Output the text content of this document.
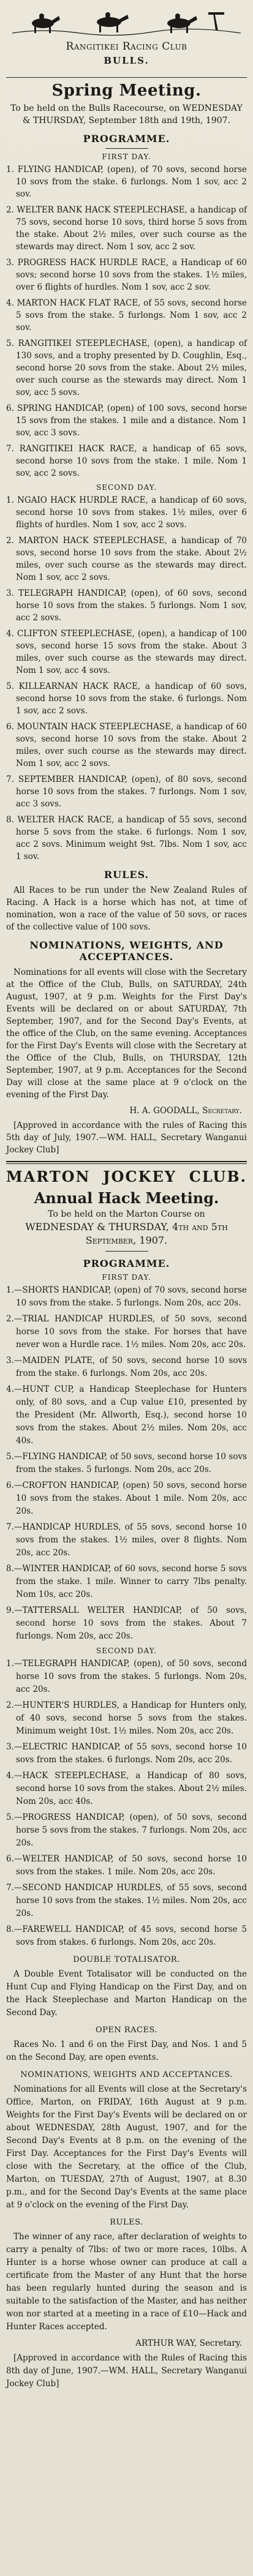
Rangitikei Racing Club
BULLS.
Spring Meeting.
To be held on the Bulls Racecourse, on WEDNESDAY & THURSDAY, September 18th and 19th, 1907.
PROGRAMME.
FIRST DAY.

1. FLYING HANDICAP, (open), of 70 sovs, second horse 10 sovs from the stake. 6 furlongs. Nom 1 sov, acc 2 sov.

2. WELTER BANK HACK STEEPLECHASE, a handicap of 75 sovs, second horse 10 sovs, third horse 5 sovs from the stake. About 2½ miles, over such course as the stewards may direct. Nom 1 sov, acc 2 sov.

3. PROGRESS HACK HURDLE RACE, a Handicap of 60 sovs; second horse 10 sovs from the stakes. 1½ miles, over 6 flights of hurdles. Nom 1 sov, acc 2 sov.

4. MARTON HACK FLAT RACE, of 55 sovs, second horse 5 sovs from the stake. 5 furlongs. Nom 1 sov, acc 2 sov.

5. RANGITIKEI STEEPLECHASE, (open), a handicap of 130 sovs, and a trophy presented by D. Coughlin, Esq., second horse 20 sovs from the stake. About 2½ miles, over such course as the stewards may direct. Nom 1 sov, acc 5 sovs.

6. SPRING HANDICAP, (open) of 100 sovs, second horse 15 sovs from the stakes. 1 mile and a distance. Nom 1 sov, acc 3 sovs.

7. RANGITIKEI HACK RACE, a handicap of 65 sovs, second horse 10 sovs from the stake. 1 mile. Nom 1 sov, acc 2 sovs.

SECOND DAY.

1. NGAIO HACK HURDLE RACE, a handicap of 60 sovs, second horse 10 sovs from stakes. 1½ miles, over 6 flights of hurdles. Nom 1 sov, acc 2 sovs.

2. MARTON HACK STEEPLECHASE, a handicap of 70 sovs, second horse 10 sovs from the stake. About 2½ miles, over such course as the stewards may direct. Nom 1 sov, acc 2 sovs.

3. TELEGRAPH HANDICAP, (open), of 60 sovs, second horse 10 sovs from the stakes. 5 furlongs. Nom 1 sov, acc 2 sovs.

4. CLIFTON STEEPLECHASE, (open), a handicap of 100 sovs, second horse 15 sovs from the stake. About 3 miles, over such course as the stewards may direct. Nom 1 sov, acc 4 sovs.

5. KILLEARNAN HACK RACE, a handicap of 60 sovs, second horse 10 sovs from the stake. 6 furlongs. Nom 1 sov, acc 2 sovs.

6. MOUNTAIN HACK STEEPLECHASE, a handicap of 60 sovs, second horse 10 sovs from the stake. About 2 miles, over such course as the stewards may direct. Nom 1 sov, acc 2 sovs.

7. SEPTEMBER HANDICAP, (open), of 80 sovs, second horse 10 sovs from the stakes. 7 furlongs. Nom 1 sov, acc 3 sovs.

8. WELTER HACK RACE, a handicap of 55 sovs, second horse 5 sovs from the stake. 6 furlongs. Nom 1 sov, acc 2 sovs. Minimum weight 9st. 7lbs. Nom 1 sov, acc 1 sov.

RULES.

All Races to be run under the New Zealand Rules of Racing. A Hack is a horse which has not, at time of nomination, won a race of the value of 50 sovs, or races of the collective value of 100 sovs.

NOMINATIONS, WEIGHTS, AND ACCEPTANCES.

Nominations for all events will close with the Secretary at the Office of the Club, Bulls, on SATURDAY, 24th August, 1907, at 9 p.m. Weights for the First Day's Events will be declared on or about SATURDAY, 7th September, 1907, and for the Second Day's Events, at the office of the Club, on the same evening. Acceptances for the First Day's Events will close with the Secretary at the Office of the Club, Bulls, on THURSDAY, 12th September, 1907, at 9 p.m. Acceptances for the Second Day will close at the same place at 9 o'clock on the evening of the First Day.

H. A. GOODALL, Secretary.

[Approved in accordance with the rules of Racing this 5th day of July, 1907.—WM. HALL, Secretary Wanganui Jockey Club]

MARTON JOCKEY CLUB.
Annual Hack Meeting.
To be held on the Marton Course on
WEDNESDAY & THURSDAY, 4th and 5th September, 1907.
PROGRAMME.
FIRST DAY.

1.—SHORTS HANDICAP, (open) of 70 sovs, second horse 10 sovs from the stake. 5 furlongs. Nom 20s, acc 20s.

2.—TRIAL HANDICAP HURDLES, of 50 sovs, second horse 10 sovs from the stake. For horses that have never won a Hurdle race. 1½ miles. Nom 20s, acc 20s.

3.—MAIDEN PLATE, of 50 sovs, second horse 10 sovs from the stake. 6 furlongs. Nom 20s, acc 20s.

4.—HUNT CUP, a Handicap Steeplechase for Hunters only, of 80 sovs, and a Cup value £10, presented by the President (Mr. Allworth, Esq.), second horse 10 sovs from the stakes. About 2½ miles. Nom 20s, acc 40s.

5.—FLYING HANDICAP, of 50 sovs, second horse 10 sovs from the stakes. 5 furlongs. Nom 20s, acc 20s.

6.—CROFTON HANDICAP, (open) 50 sovs, second horse 10 sovs from the stakes. About 1 mile. Nom 20s, acc 20s.

7.—HANDICAP HURDLES, of 55 sovs, second horse 10 sovs from the stakes. 1½ miles, over 8 flights. Nom 20s, acc 20s.

8.—WINTER HANDICAP, of 60 sovs, second horse 5 sovs from the stake. 1 mile. Winner to carry 7lbs penalty. Nom 10s, acc 20s.

9.—TATTERSALL WELTER HANDICAP, of 50 sovs, second horse 10 sovs from the stakes. About 7 furlongs. Nom 20s, acc 20s.

SECOND DAY.

1.—TELEGRAPH HANDICAP, (open), of 50 sovs, second horse 10 sovs from the stakes. 5 furlongs. Nom 20s, acc 20s.

2.—HUNTER'S HURDLES, a Handicap for Hunters only, of 40 sovs, second horse 5 sovs from the stakes. Minimum weight 10st. 1½ miles. Nom 20s, acc 20s.

3.—ELECTRIC HANDICAP, of 55 sovs, second horse 10 sovs from the stakes. 6 furlongs. Nom 20s, acc 20s.

4.—HACK STEEPLECHASE, a Handicap of 80 sovs, second horse 10 sovs from the stakes. About 2½ miles. Nom 20s, acc 40s.

5.—PROGRESS HANDICAP, (open), of 50 sovs, second horse 5 sovs from the stakes. 7 furlongs. Nom 20s, acc 20s.

6.—WELTER HANDICAP, of 50 sovs, second horse 10 sovs from the stakes. 1 mile. Nom 20s, acc 20s.

7.—SECOND HANDICAP HURDLES, of 55 sovs, second horse 10 sovs from the stakes. 1½ miles. Nom 20s, acc 20s.

8.—FAREWELL HANDICAP, of 45 sovs, second horse 5 sovs from stakes. 6 furlongs. Nom 20s, acc 20s.

DOUBLE TOTALISATOR.

A Double Event Totalisator will be conducted on the Hunt Cup and Flying Handicap on the First Day, and on the Hack Steeplechase and Marton Handicap on the Second Day.

OPEN RACES.

Races No. 1 and 6 on the First Day, and Nos. 1 and 5 on the Second Day, are open events.

NOMINATIONS, WEIGHTS AND ACCEPTANCES.

Nominations for all Events will close at the Secretary's Office, Marton, on FRIDAY, 16th August at 9 p.m. Weights for the First Day's Events will be declared on or about WEDNESDAY, 28th August, 1907, and for the Second Day's Events at 8 p.m. on the evening of the First Day. Acceptances for the First Day's Events will close with the Secretary, at the office of the Club, Marton, on TUESDAY, 27th of August, 1907, at 8.30 p.m., and for the Second Day's Events at the same place at 9 o'clock on the evening of the First Day.

RULES.

The winner of any race, after declaration of weights to carry a penalty of 7lbs: of two or more races, 10lbs. A Hunter is a horse whose owner can produce at call a certificate from the Master of any Hunt that the horse has been regularly hunted during the season and is suitable to the satisfaction of the Master, and has neither won nor started at a meeting in a race of £10—Hack and Hunter Races accepted.

ARTHUR WAY, Secretary.

[Approved in accordance with the Rules of Racing this 8th day of June, 1907.—WM. HALL, Secretary Wanganui Jockey Club]
